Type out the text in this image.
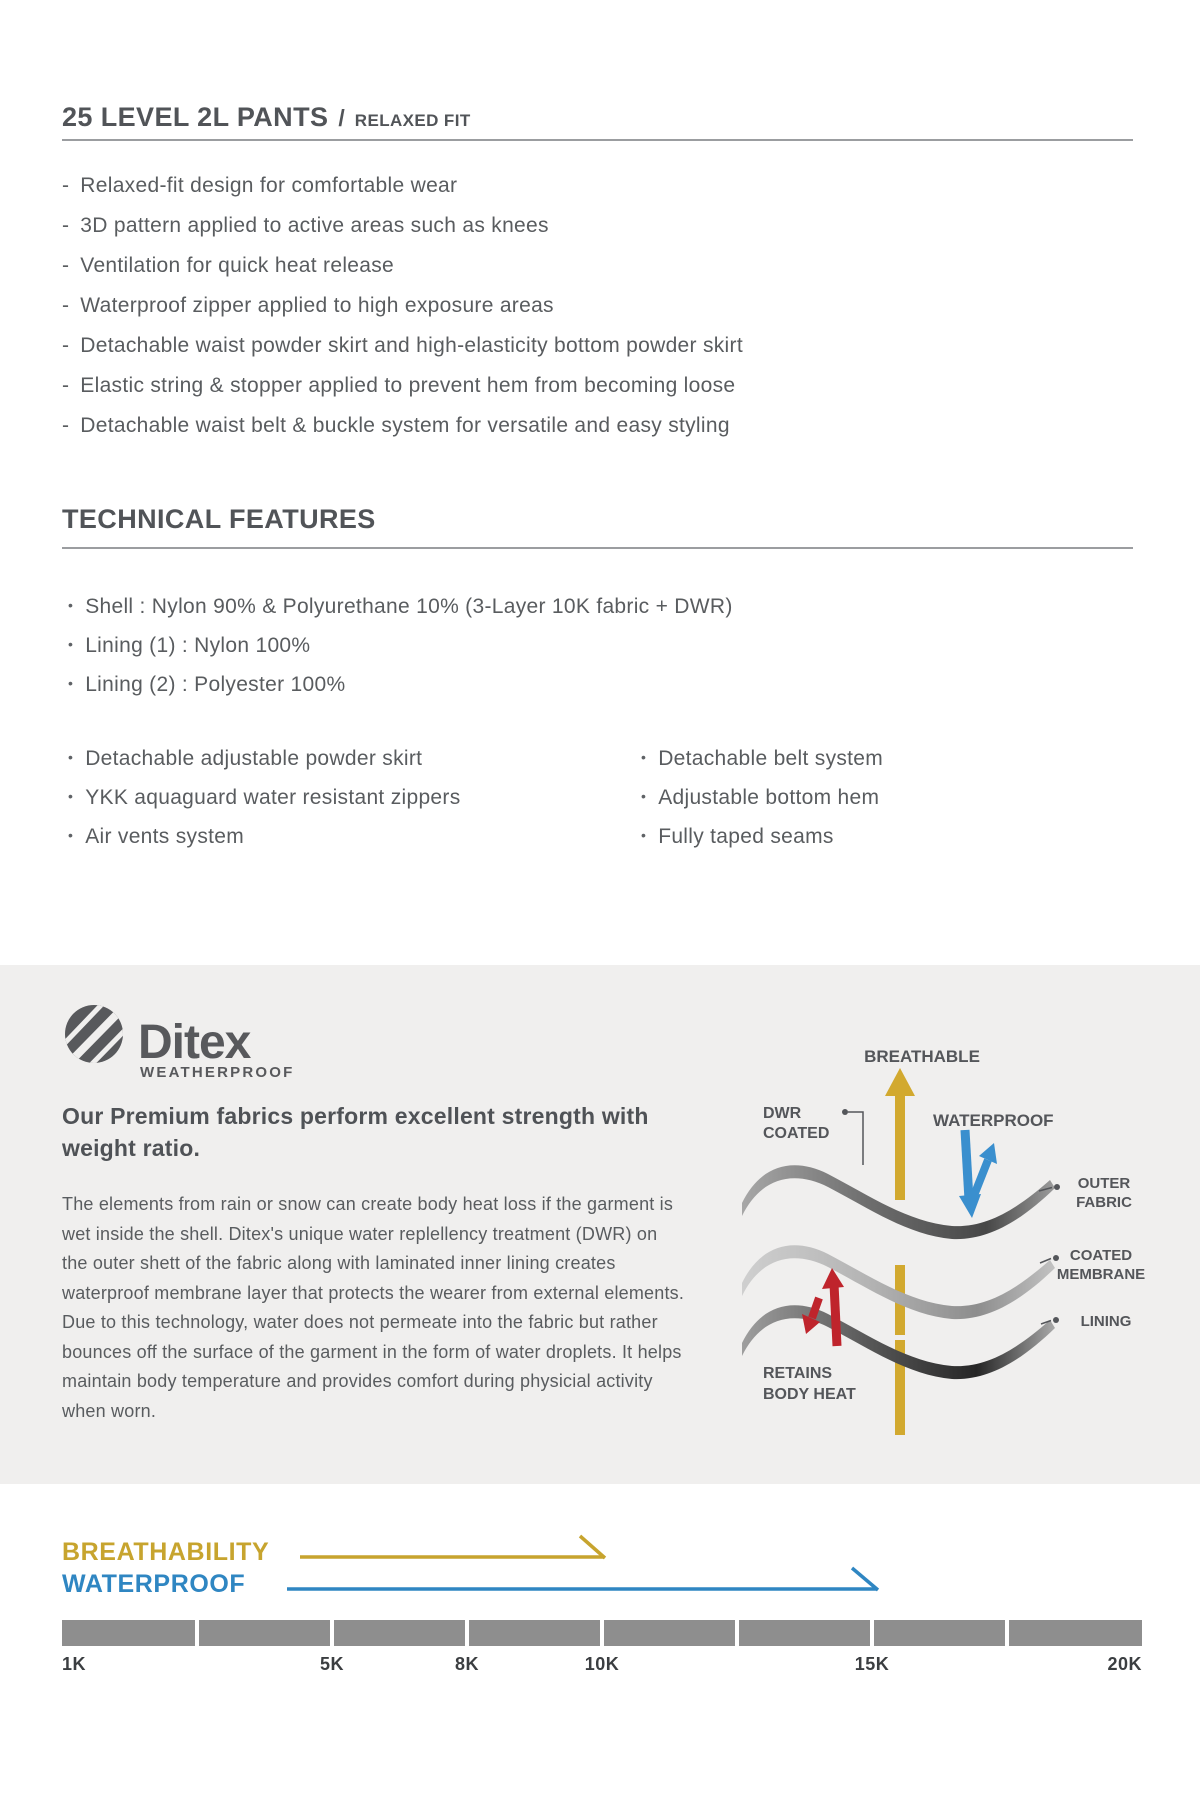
25 LEVEL 2L PANTS / RELAXED FIT
- Relaxed-fit design for comfortable wear
- 3D pattern applied to active areas such as knees
- Ventilation for quick heat release
- Waterproof zipper applied to high exposure areas
- Detachable waist powder skirt and high-elasticity bottom powder skirt
- Elastic string & stopper applied to prevent hem from becoming loose
- Detachable waist belt & buckle system for versatile and easy styling
TECHNICAL FEATURES
• Shell : Nylon 90% & Polyurethane 10% (3-Layer 10K fabric + DWR)
• Lining (1) : Nylon 100%
• Lining (2) : Polyester 100%
• Detachable adjustable powder skirt
• YKK aquaguard water resistant zippers
• Air vents system
• Detachable belt system
• Adjustable bottom hem
• Fully taped seams
Ditex
WEATHERPROOF
Our Premium fabrics perform excellent strength with weight ratio.
The elements from rain or snow can create body heat loss if the garment is wet inside the shell. Ditex's unique water replellency treatment (DWR) on the outer shett of the fabric along with laminated inner lining creates waterproof membrane layer that protects the wearer from external elements. Due to this technology, water does not permeate into the fabric but rather bounces off the surface of the garment in the form of water droplets. It helps maintain body temperature and provides comfort during physicial activity when worn.
BREATHABLE
WATERPROOF
DWR
COATED
OUTER
FABRIC
COATED
MEMBRANE
LINING
RETAINS
BODY HEAT
BREATHABILITY
WATERPROOF
1K	5K	8K	10K	15K	20K
